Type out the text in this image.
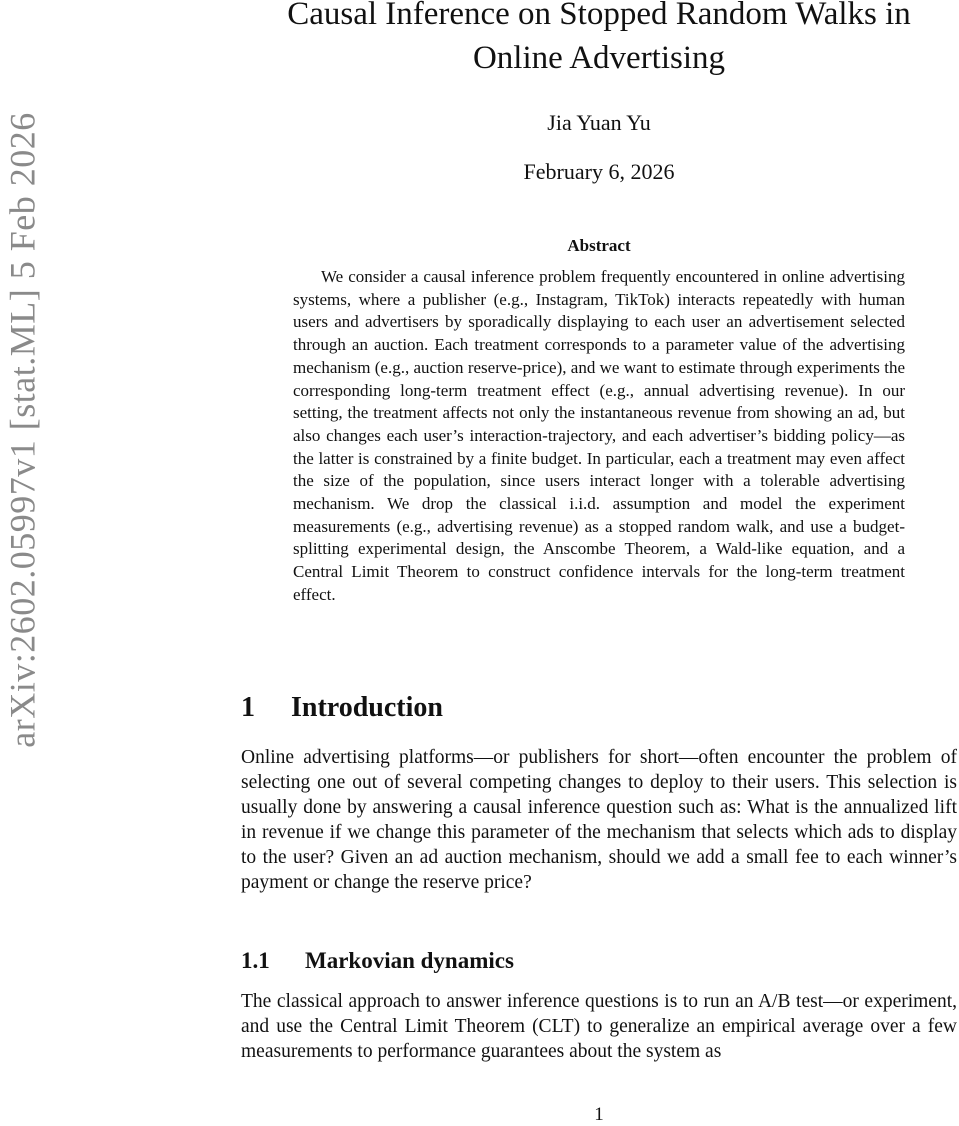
arXiv:2602.05997v1 [stat.ML] 5 Feb 2026
Causal Inference on Stopped Random Walks in Online Advertising
Jia Yuan Yu
February 6, 2026
Abstract

We consider a causal inference problem frequently encountered in online advertising systems, where a publisher (e.g., Instagram, TikTok) interacts repeatedly with human users and advertisers by sporadically displaying to each user an advertisement selected through an auction. Each treatment corresponds to a parameter value of the advertising mechanism (e.g., auction reserve-price), and we want to estimate through experiments the corresponding long-term treatment effect (e.g., annual advertising revenue). In our setting, the treatment affects not only the instantaneous revenue from showing an ad, but also changes each user’s interaction-trajectory, and each advertiser’s bidding policy—as the latter is constrained by a finite budget. In particular, each a treatment may even affect the size of the population, since users interact longer with a tolerable advertising mechanism. We drop the classical i.i.d. assumption and model the experiment measurements (e.g., advertising revenue) as a stopped random walk, and use a budget-splitting experimental design, the Anscombe Theorem, a Wald-like equation, and a Central Limit Theorem to construct confidence intervals for the long-term treatment effect.

1 Introduction

Online advertising platforms—or publishers for short—often encounter the problem of selecting one out of several competing changes to deploy to their users. This selection is usually done by answering a causal inference question such as: What is the annualized lift in revenue if we change this parameter of the mechanism that selects which ads to display to the user? Given an ad auction mechanism, should we add a small fee to each winner’s payment or change the reserve price?

1.1 Markovian dynamics

The classical approach to answer inference questions is to run an A/B test—or experiment, and use the Central Limit Theorem (CLT) to generalize an empirical average over a few measurements to performance guarantees about the system as

1
